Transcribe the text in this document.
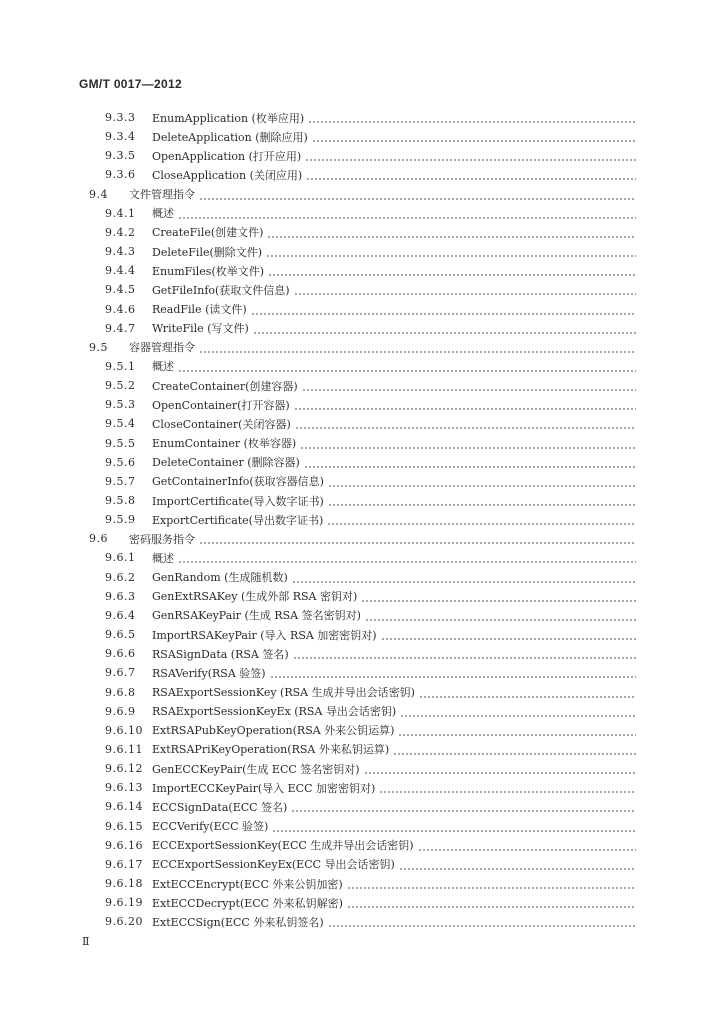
GM/T 0017—2012
9.3.3	EnumApplication (枚举应用)
9.3.4	DeleteApplication (删除应用)
9.3.5	OpenApplication (打开应用)
9.3.6	CloseApplication (关闭应用)
9.4	文件管理指令
9.4.1	概述
9.4.2	CreateFile(创建文件)
9.4.3	DeleteFile(删除文件)
9.4.4	EnumFiles(枚举文件)
9.4.5	GetFileInfo(获取文件信息)
9.4.6	ReadFile (读文件)
9.4.7	WriteFile (写文件)
9.5	容器管理指令
9.5.1	概述
9.5.2	CreateContainer(创建容器)
9.5.3	OpenContainer(打开容器)
9.5.4	CloseContainer(关闭容器)
9.5.5	EnumContainer (枚举容器)
9.5.6	DeleteContainer (删除容器)
9.5.7	GetContainerInfo(获取容器信息)
9.5.8	ImportCertificate(导入数字证书)
9.5.9	ExportCertificate(导出数字证书)
9.6	密码服务指令
9.6.1	概述
9.6.2	GenRandom (生成随机数)
9.6.3	GenExtRSAKey (生成外部 RSA 密钥对)
9.6.4	GenRSAKeyPair (生成 RSA 签名密钥对)
9.6.5	ImportRSAKeyPair (导入 RSA 加密密钥对)
9.6.6	RSASignData (RSA 签名)
9.6.7	RSAVerify(RSA 验签)
9.6.8	RSAExportSessionKey (RSA 生成并导出会话密钥)
9.6.9	RSAExportSessionKeyEx (RSA 导出会话密钥)
9.6.10 ExtRSAPubKeyOperation(RSA 外来公钥运算)
9.6.11 ExtRSAPriKeyOperation(RSA 外来私钥运算)
9.6.12 GenECCKeyPair(生成 ECC 签名密钥对)
9.6.13 ImportECCKeyPair(导入 ECC 加密密钥对)
9.6.14 ECCSignData(ECC 签名)
9.6.15 ECCVerify(ECC 验签)
9.6.16 ECCExportSessionKey(ECC 生成并导出会话密钥)
9.6.17 ECCExportSessionKeyEx(ECC 导出会话密钥)
9.6.18 ExtECCEncrypt(ECC 外来公钥加密)
9.6.19 ExtECCDecrypt(ECC 外来私钥解密)
9.6.20 ExtECCSign(ECC 外来私钥签名)
Ⅱ
